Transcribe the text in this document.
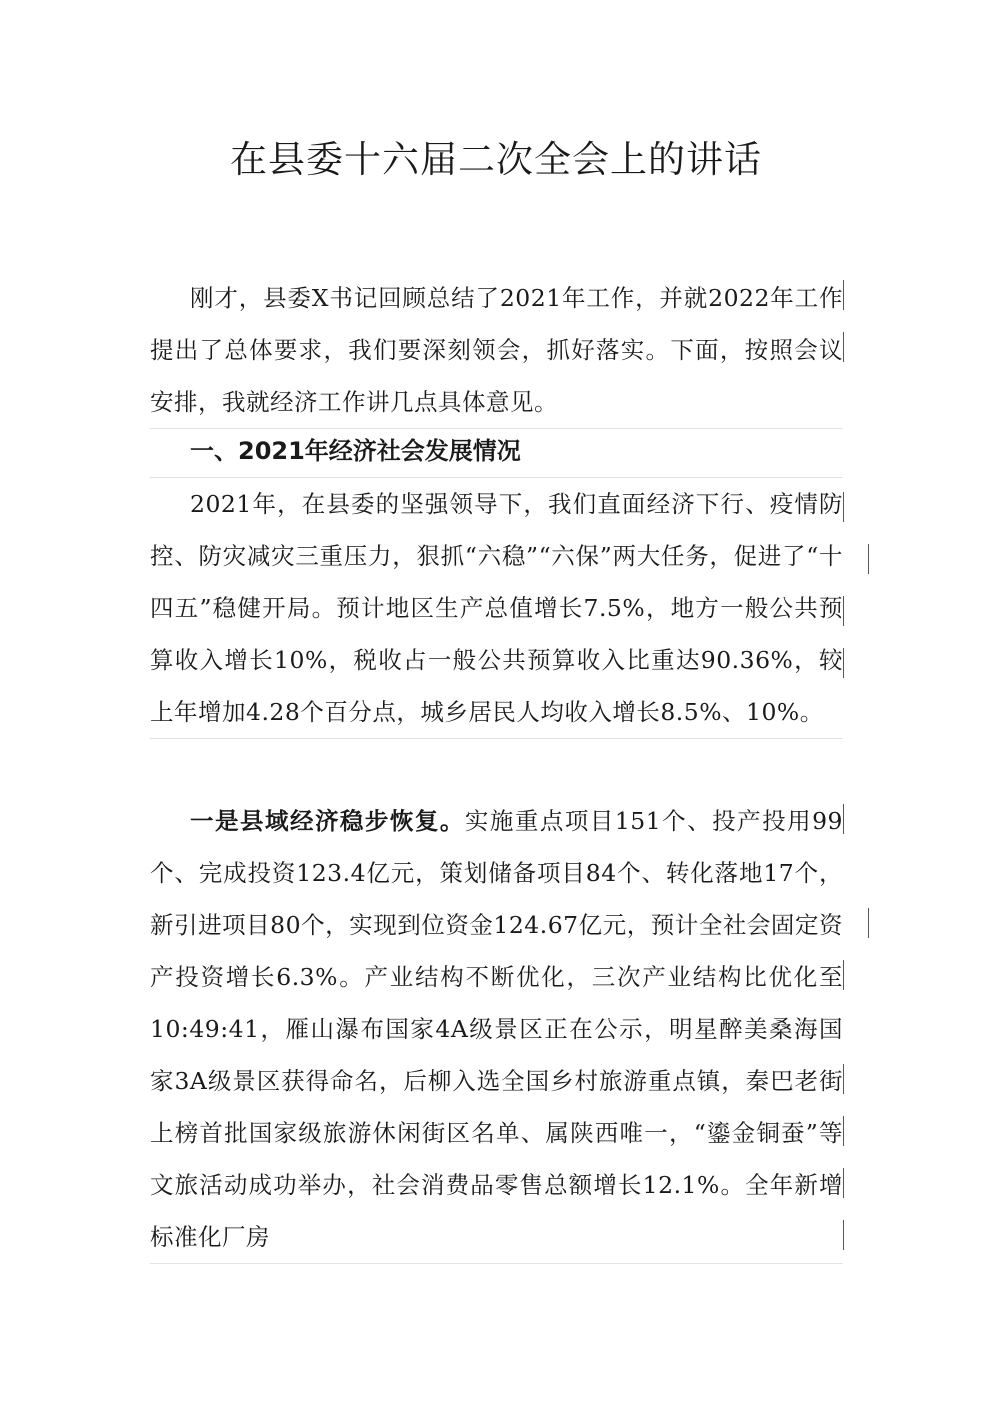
在县委十六届二次全会上的讲话

刚才，县委X书记回顾总结了2021年工作，并就2022年工作提出了总体要求，我们要深刻领会，抓好落实。下面，按照会议安排，我就经济工作讲几点具体意见。

一、2021年经济社会发展情况

2021年，在县委的坚强领导下，我们直面经济下行、疫情防控、防灾减灾三重压力，狠抓“六稳”“六保”两大任务，促进了“十四五”稳健开局。预计地区生产总值增长7.5%，地方一般公共预算收入增长10%，税收占一般公共预算收入比重达90.36%，较上年增加4.28个百分点，城乡居民人均收入增长8.5%、10%。

一是县域经济稳步恢复。实施重点项目151个、投产投用99个、完成投资123.4亿元，策划储备项目84个、转化落地17个，新引进项目80个，实现到位资金124.67亿元，预计全社会固定资产投资增长6.3%。产业结构不断优化，三次产业结构比优化至10:49:41，雁山瀑布国家4A级景区正在公示，明星醉美桑海国家3A级景区获得命名，后柳入选全国乡村旅游重点镇，秦巴老街上榜首批国家级旅游休闲街区名单、属陕西唯一，“鎏金铜蚕”等文旅活动成功举办，社会消费品零售总额增长12.1%。全年新增标准化厂房
